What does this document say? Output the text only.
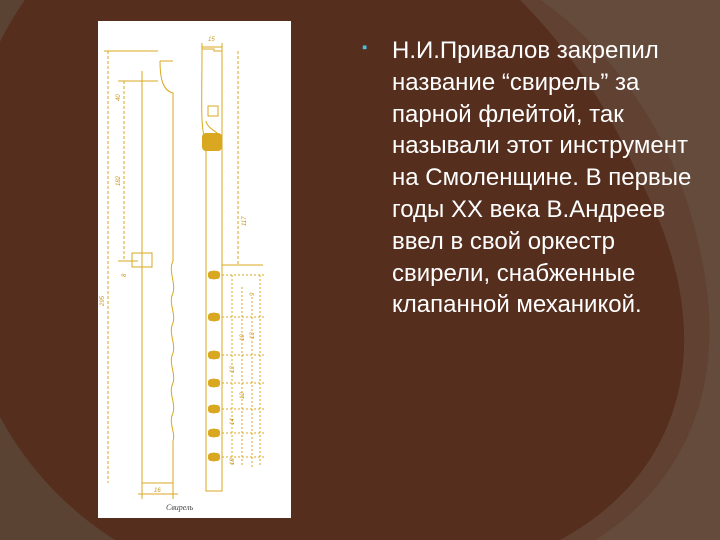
15
295
40
182
8
16
117
9
13
10
13
12
14
18
Свирель
▪ Н.И.Привалов закрепил название “свирель” за парной флейтой, так называли этот инструмент на Смоленщине. В первые годы XX века В.Андреев ввел в свой оркестр свирели, снабженные клапанной механикой.
